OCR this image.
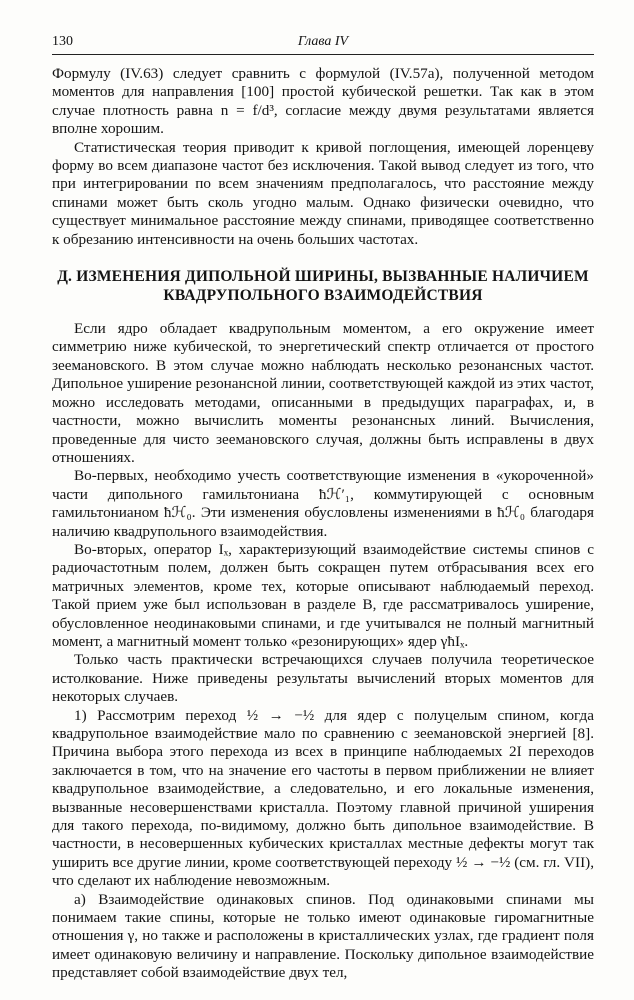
130	Глава IV

Формулу (IV.63) следует сравнить с формулой (IV.57а), полученной методом моментов для направления [100] простой кубической решетки. Так как в этом случае плотность равна n = f/d³, согласие между двумя результатами является вполне хорошим.

Статистическая теория приводит к кривой поглощения, имеющей лоренцеву форму во всем диапазоне частот без исключения. Такой вывод следует из того, что при интегрировании по всем значениям предполагалось, что расстояние между спинами может быть сколь угодно малым. Однако физически очевидно, что существует минимальное расстояние между спинами, приводящее соответственно к обрезанию интенсивности на очень больших частотах.

Д. ИЗМЕНЕНИЯ ДИПОЛЬНОЙ ШИРИНЫ, ВЫЗВАННЫЕ НАЛИЧИЕМ
КВАДРУПОЛЬНОГО ВЗАИМОДЕЙСТВИЯ

Если ядро обладает квадрупольным моментом, а его окружение имеет симметрию ниже кубической, то энергетический спектр отличается от простого зеемановского. В этом случае можно наблюдать несколько резонансных частот. Дипольное уширение резонансной линии, соответствующей каждой из этих частот, можно исследовать методами, описанными в предыдущих параграфах, и, в частности, можно вычислить моменты резонансных линий. Вычисления, проведенные для чисто зеемановского случая, должны быть исправлены в двух отношениях.

Во-первых, необходимо учесть соответствующие изменения в «укороченной» части дипольного гамильтониана ħℋ′₁, коммутирующей с основным гамильтонианом ħℋ₀. Эти изменения обусловлены изменениями в ħℋ₀ благодаря наличию квадрупольного взаимодействия.

Во-вторых, оператор Iₓ, характеризующий взаимодействие системы спинов с радиочастотным полем, должен быть сокращен путем отбрасывания всех его матричных элементов, кроме тех, которые описывают наблюдаемый переход. Такой прием уже был использован в разделе В, где рассматривалось уширение, обусловленное неодинаковыми спинами, и где учитывался не полный магнитный момент, а магнитный момент только «резонирующих» ядер γħIₓ.

Только часть практически встречающихся случаев получила теоретическое истолкование. Ниже приведены результаты вычислений вторых моментов для некоторых случаев.

1) Рассмотрим переход ½ → −½ для ядер с полуцелым спином, когда квадрупольное взаимодействие мало по сравнению с зеемановской энергией [8]. Причина выбора этого перехода из всех в принципе наблюдаемых 2I переходов заключается в том, что на значение его частоты в первом приближении не влияет квадрупольное взаимодействие, а следовательно, и его локальные изменения, вызванные несовершенствами кристалла. Поэтому главной причиной уширения для такого перехода, по-видимому, должно быть дипольное взаимодействие. В частности, в несовершенных кубических кристаллах местные дефекты могут так уширить все другие линии, кроме соответствующей переходу ½ → −½ (см. гл. VII), что сделают их наблюдение невозможным.

а) Взаимодействие одинаковых спинов. Под одинаковыми спинами мы понимаем такие спины, которые не только имеют одинаковые гиромагнитные отношения γ, но также и расположены в кристаллических узлах, где градиент поля имеет одинаковую величину и направление. Поскольку дипольное взаимодействие представляет собой взаимодействие двух тел,
